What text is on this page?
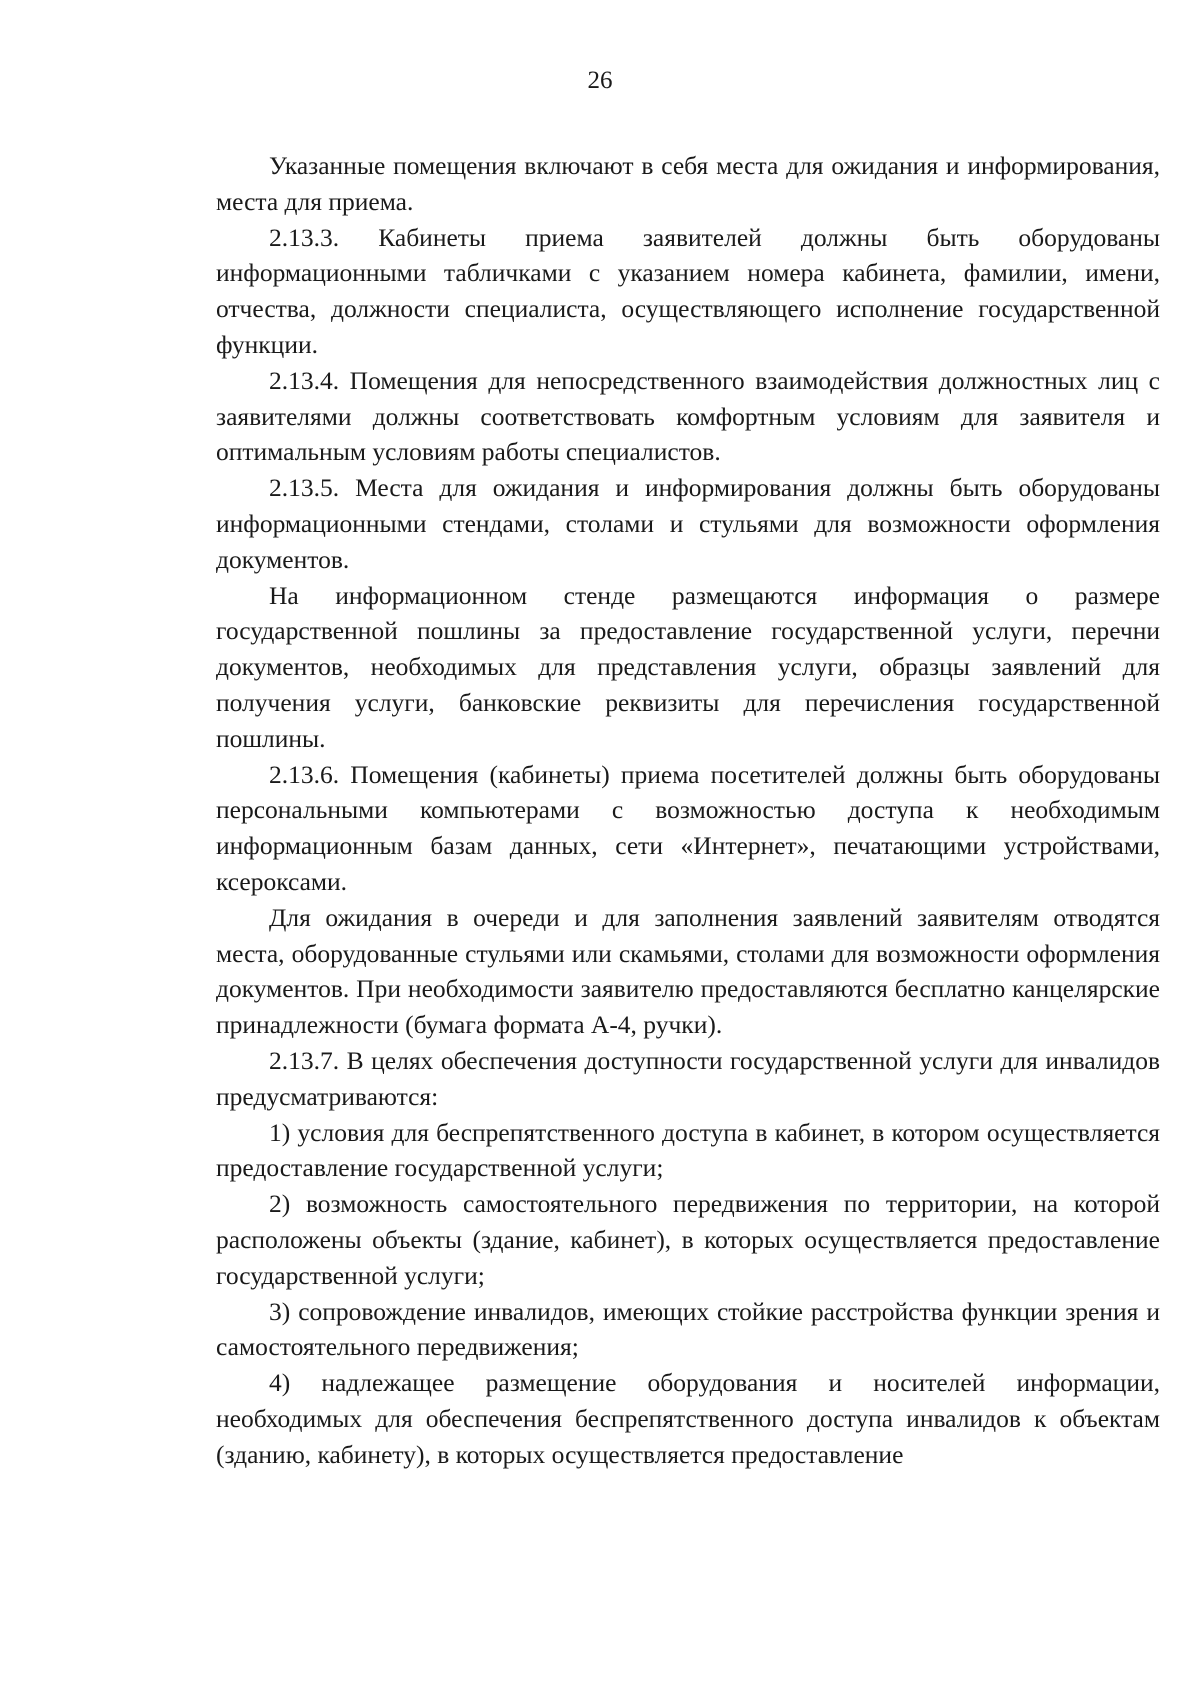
26

Указанные помещения включают в себя места для ожидания и информирования, места для приема.

2.13.3. Кабинеты приема заявителей должны быть оборудованы информационными табличками с указанием номера кабинета, фамилии, имени, отчества, должности специалиста, осуществляющего исполнение государственной функции.

2.13.4. Помещения для непосредственного взаимодействия должностных лиц с заявителями должны соответствовать комфортным условиям для заявителя и оптимальным условиям работы специалистов.

2.13.5. Места для ожидания и информирования должны быть оборудованы информационными стендами, столами и стульями для возможности оформления документов.

На информационном стенде размещаются информация о размере государственной пошлины за предоставление государственной услуги, перечни документов, необходимых для представления услуги, образцы заявлений для получения услуги, банковские реквизиты для перечисления государственной пошлины.

2.13.6. Помещения (кабинеты) приема посетителей должны быть оборудованы персональными компьютерами с возможностью доступа к необходимым информационным базам данных, сети «Интернет», печатающими устройствами, ксероксами.

Для ожидания в очереди и для заполнения заявлений заявителям отводятся места, оборудованные стульями или скамьями, столами для возможности оформления документов. При необходимости заявителю предоставляются бесплатно канцелярские принадлежности (бумага формата А-4, ручки).

2.13.7. В целях обеспечения доступности государственной услуги для инвалидов предусматриваются:

1) условия для беспрепятственного доступа в кабинет, в котором осуществляется предоставление государственной услуги;

2) возможность самостоятельного передвижения по территории, на которой расположены объекты (здание, кабинет), в которых осуществляется предоставление государственной услуги;

3) сопровождение инвалидов, имеющих стойкие расстройства функции зрения и самостоятельного передвижения;

4) надлежащее размещение оборудования и носителей информации, необходимых для обеспечения беспрепятственного доступа инвалидов к объектам (зданию, кабинету), в которых осуществляется предоставление
